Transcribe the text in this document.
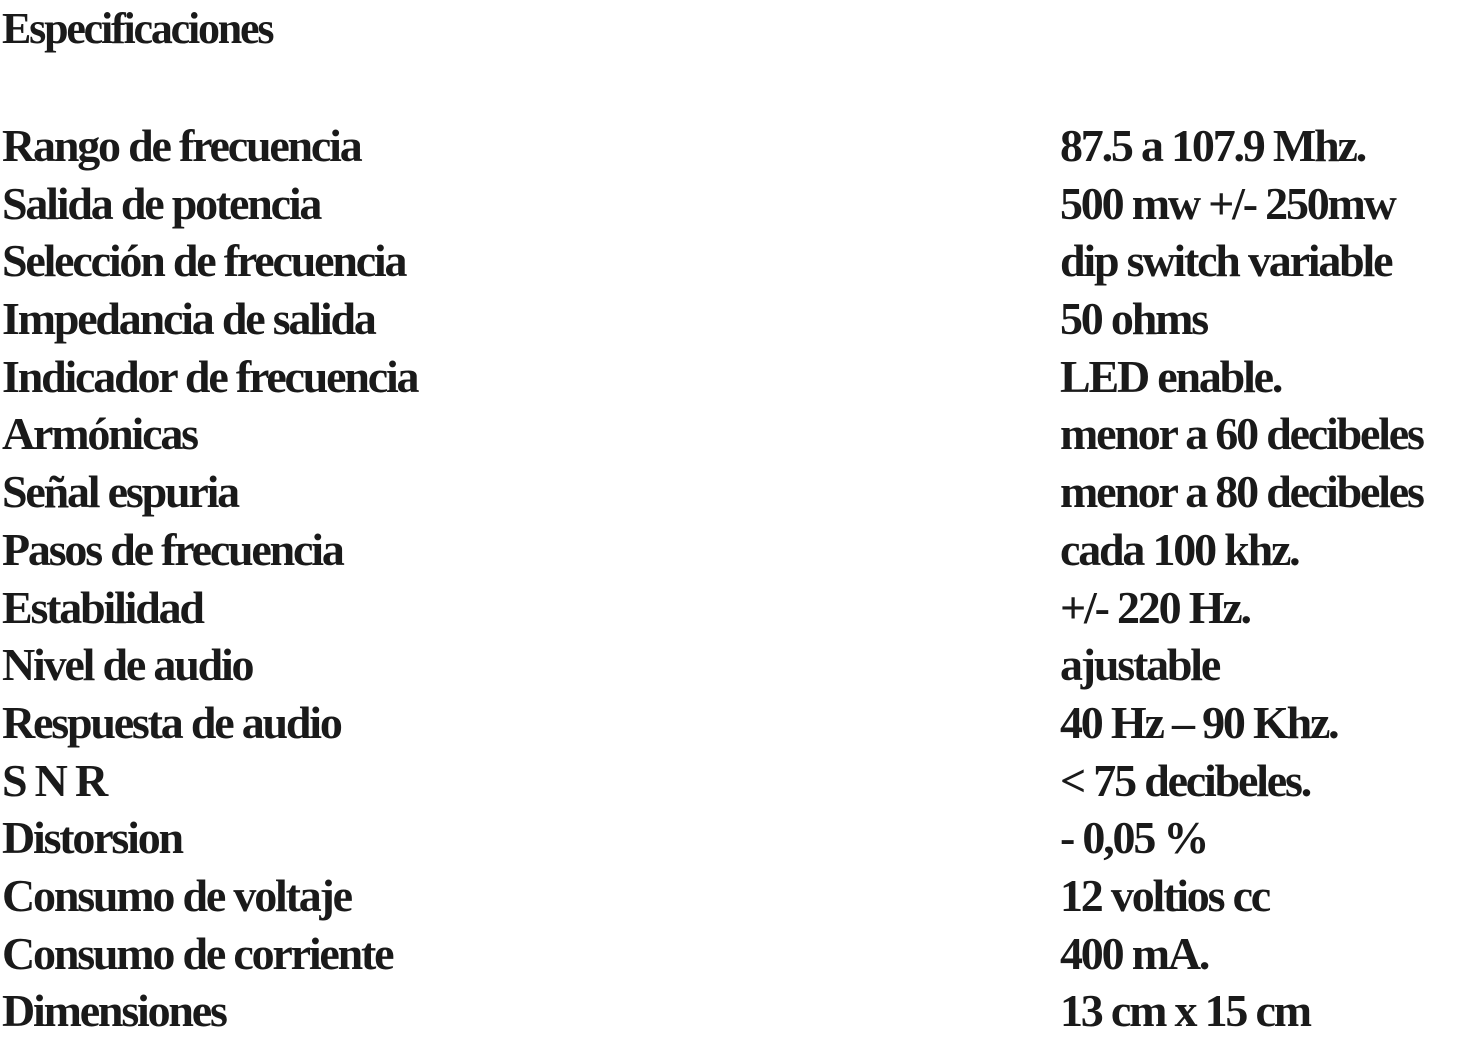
Especificaciones
Rango de frecuencia	87.5 a 107.9 Mhz.
Salida de potencia	500 mw +/- 250mw
Selección de frecuencia	dip switch variable
Impedancia de salida	50 ohms
Indicador de frecuencia	LED enable.
Armónicas	menor a 60 decibeles
Señal espuria	menor a 80 decibeles
Pasos de frecuencia	cada 100 khz.
Estabilidad	+/- 220 Hz.
Nivel de audio	ajustable
Respuesta de audio	40 Hz – 90 Khz.
S N R	< 75 decibeles.
Distorsion	- 0,05 %
Consumo de voltaje	12 voltios cc
Consumo de corriente	400 mA.
Dimensiones	13 cm x 15 cm
